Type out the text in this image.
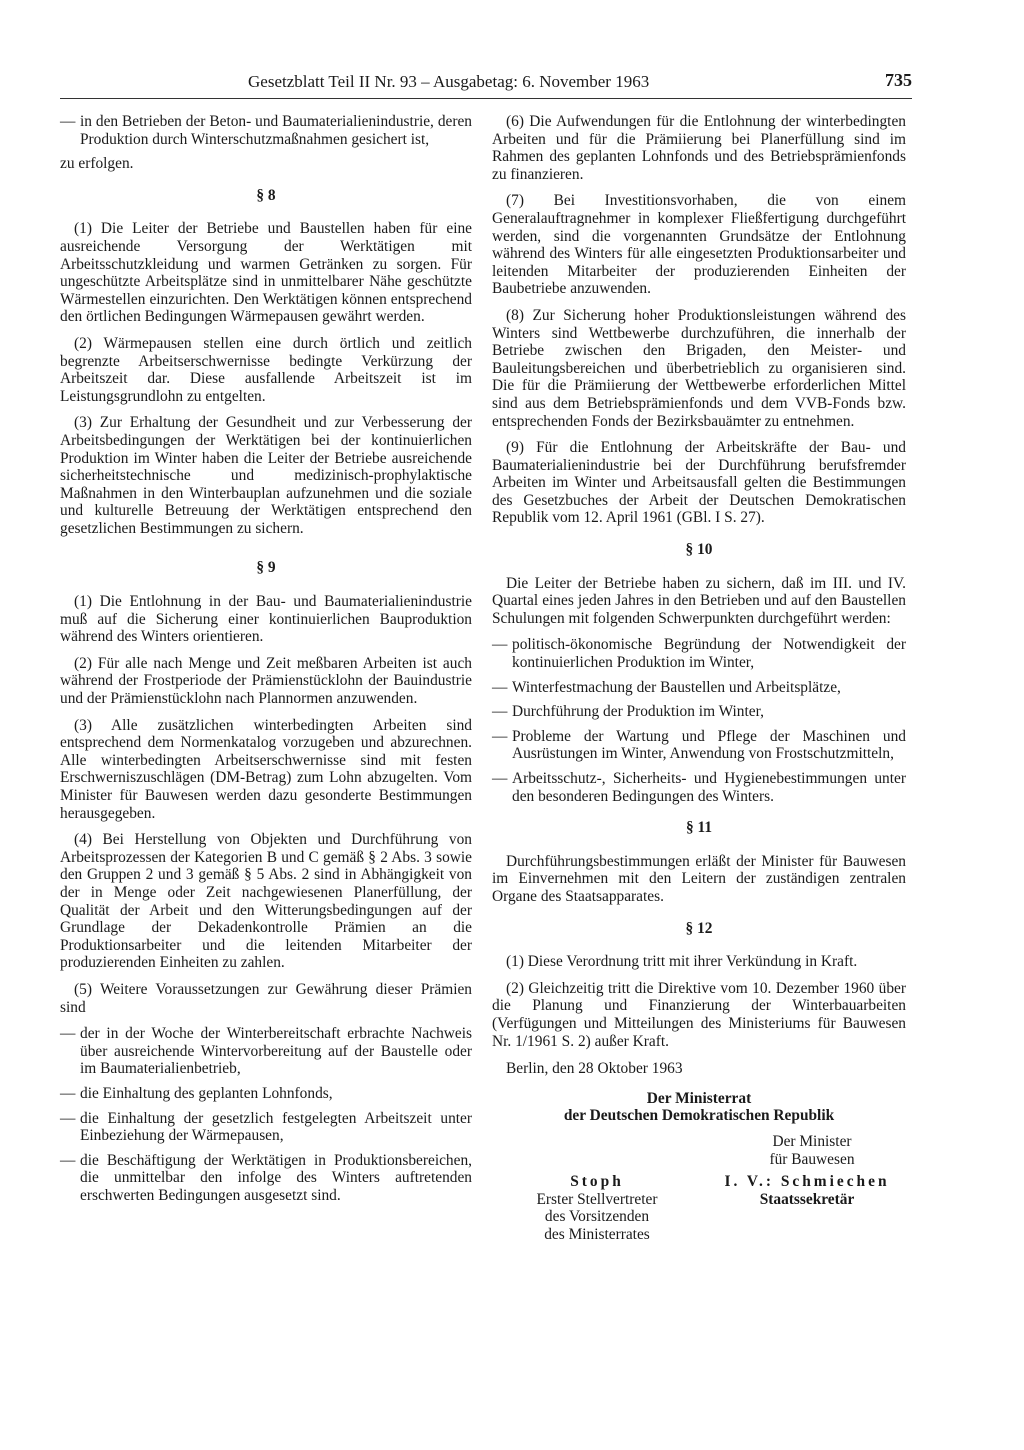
Gesetzblatt Teil II Nr. 93 – Ausgabetag: 6. November 1963	735
— in den Betrieben der Beton- und Baumaterialienindustrie, deren Produktion durch Winterschutzmaßnahmen gesichert ist,

zu erfolgen.

§ 8

(1) Die Leiter der Betriebe und Baustellen haben für eine ausreichende Versorgung der Werktätigen mit Arbeitsschutzkleidung und warmen Getränken zu sorgen. Für ungeschützte Arbeitsplätze sind in unmittelbarer Nähe geschützte Wärmestellen einzurichten. Den Werktätigen können entsprechend den örtlichen Bedingungen Wärmepausen gewährt werden.

(2) Wärmepausen stellen eine durch örtlich und zeitlich begrenzte Arbeitserschwernisse bedingte Verkürzung der Arbeitszeit dar. Diese ausfallende Arbeitszeit ist im Leistungsgrundlohn zu entgelten.

(3) Zur Erhaltung der Gesundheit und zur Verbesserung der Arbeitsbedingungen der Werktätigen bei der kontinuierlichen Produktion im Winter haben die Leiter der Betriebe ausreichende sicherheitstechnische und medizinisch-prophylaktische Maßnahmen in den Winterbauplan aufzunehmen und die soziale und kulturelle Betreuung der Werktätigen entsprechend den gesetzlichen Bestimmungen zu sichern.

§ 9

(1) Die Entlohnung in der Bau- und Baumaterialienindustrie muß auf die Sicherung einer kontinuierlichen Bauproduktion während des Winters orientieren.

(2) Für alle nach Menge und Zeit meßbaren Arbeiten ist auch während der Frostperiode der Prämienstücklohn der Bauindustrie und der Prämienstücklohn nach Plannormen anzuwenden.

(3) Alle zusätzlichen winterbedingten Arbeiten sind entsprechend dem Normenkatalog vorzugeben und abzurechnen. Alle winterbedingten Arbeitserschwernisse sind mit festen Erschwerniszuschlägen (DM-Betrag) zum Lohn abzugelten. Vom Minister für Bauwesen werden dazu gesonderte Bestimmungen herausgegeben.

(4) Bei Herstellung von Objekten und Durchführung von Arbeitsprozessen der Kategorien B und C gemäß § 2 Abs. 3 sowie den Gruppen 2 und 3 gemäß § 5 Abs. 2 sind in Abhängigkeit von der in Menge oder Zeit nachgewiesenen Planerfüllung, der Qualität der Arbeit und den Witterungsbedingungen auf der Grundlage der Dekadenkontrolle Prämien an die Produktionsarbeiter und die leitenden Mitarbeiter der produzierenden Einheiten zu zahlen.

(5) Weitere Voraussetzungen zur Gewährung dieser Prämien sind

— der in der Woche der Winterbereitschaft erbrachte Nachweis über ausreichende Wintervorbereitung auf der Baustelle oder im Baumaterialienbetrieb,
— die Einhaltung des geplanten Lohnfonds,
— die Einhaltung der gesetzlich festgelegten Arbeitszeit unter Einbeziehung der Wärmepausen,
— die Beschäftigung der Werktätigen in Produktionsbereichen, die unmittelbar den infolge des Winters auftretenden erschwerten Bedingungen ausgesetzt sind.

(6) Die Aufwendungen für die Entlohnung der winterbedingten Arbeiten und für die Prämiierung bei Planerfüllung sind im Rahmen des geplanten Lohnfonds und des Betriebsprämienfonds zu finanzieren.

(7) Bei Investitionsvorhaben, die von einem Generalauftragnehmer in komplexer Fließfertigung durchgeführt werden, sind die vorgenannten Grundsätze der Entlohnung während des Winters für alle eingesetzten Produktionsarbeiter und leitenden Mitarbeiter der produzierenden Einheiten der Baubetriebe anzuwenden.

(8) Zur Sicherung hoher Produktionsleistungen während des Winters sind Wettbewerbe durchzuführen, die innerhalb der Betriebe zwischen den Brigaden, den Meister- und Bauleitungsbereichen und überbetrieblich zu organisieren sind. Die für die Prämiierung der Wettbewerbe erforderlichen Mittel sind aus dem Betriebsprämienfonds und dem VVB-Fonds bzw. entsprechenden Fonds der Bezirksbauämter zu entnehmen.

(9) Für die Entlohnung der Arbeitskräfte der Bau- und Baumaterialienindustrie bei der Durchführung berufsfremder Arbeiten im Winter und Arbeitsausfall gelten die Bestimmungen des Gesetzbuches der Arbeit der Deutschen Demokratischen Republik vom 12. April 1961 (GBl. I S. 27).

§ 10

Die Leiter der Betriebe haben zu sichern, daß im III. und IV. Quartal eines jeden Jahres in den Betrieben und auf den Baustellen Schulungen mit folgenden Schwerpunkten durchgeführt werden:

— politisch-ökonomische Begründung der Notwendigkeit der kontinuierlichen Produktion im Winter,
— Winterfestmachung der Baustellen und Arbeitsplätze,
— Durchführung der Produktion im Winter,
— Probleme der Wartung und Pflege der Maschinen und Ausrüstungen im Winter, Anwendung von Frostschutzmitteln,
— Arbeitsschutz-, Sicherheits- und Hygienebestimmungen unter den besonderen Bedingungen des Winters.
§ 11

Durchführungsbestimmungen erläßt der Minister für Bauwesen im Einvernehmen mit den Leitern der zuständigen zentralen Organe des Staatsapparates.

§ 12

(1) Diese Verordnung tritt mit ihrer Verkündung in Kraft.

(2) Gleichzeitig tritt die Direktive vom 10. Dezember 1960 über die Planung und Finanzierung der Winterbauarbeiten (Verfügungen und Mitteilungen des Ministeriums für Bauwesen Nr. 1/1961 S. 2) außer Kraft.

Berlin, den 28 Oktober 1963

Der Ministerrat
der Deutschen Demokratischen Republik
Der Minister
für Bauwesen
Stoph
Erster Stellvertreter
des Vorsitzenden
des Ministerrates
I. V.: Schmiechen
Staatssekretär
